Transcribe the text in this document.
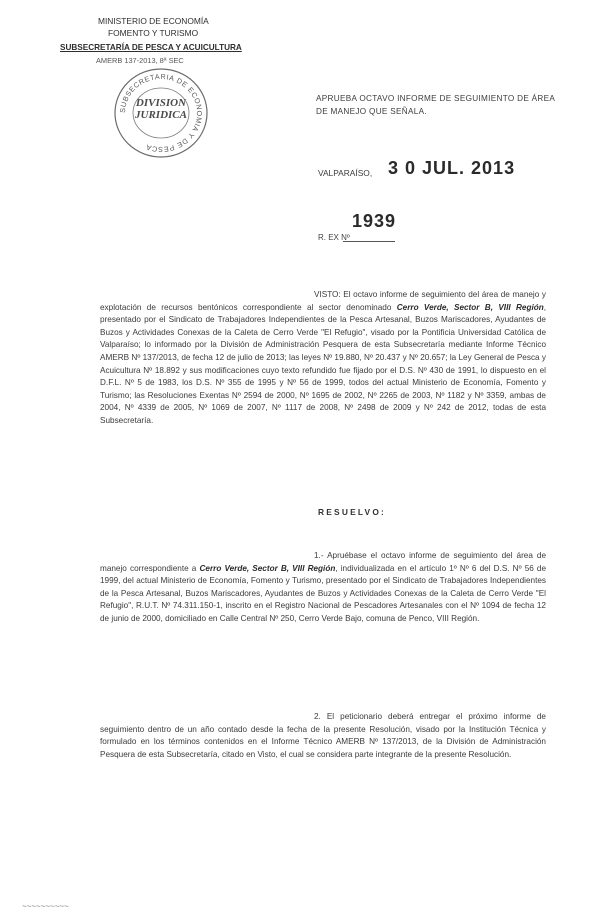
MINISTERIO DE ECONOMÍA
FOMENTO Y TURISMO
SUBSECRETARÍA DE PESCA Y ACUICULTURA
AMERB 137-2013, 8ª SEC
SUBSECRETARIA DE ECONOMIA Y DE PESCA
DIVISION JURIDICA
APRUEBA OCTAVO INFORME DE SEGUIMIENTO DE ÁREA DE MANEJO QUE SEÑALA.
VALPARAÍSO, 3 0 JUL. 2013
1939
R. EX Nº
VISTO: El octavo informe de seguimiento del área de manejo y explotación de recursos bentónicos correspondiente al sector denominado Cerro Verde, Sector B, VIII Región, presentado por el Sindicato de Trabajadores Independientes de la Pesca Artesanal, Buzos Mariscadores, Ayudantes de Buzos y Actividades Conexas de la Caleta de Cerro Verde "El Refugio", visado por la Pontificia Universidad Católica de Valparaíso; lo informado por la División de Administración Pesquera de esta Subsecretaría mediante Informe Técnico AMERB Nº 137/2013, de fecha 12 de julio de 2013; las leyes Nº 19.880, Nº 20.437 y Nº 20.657; la Ley General de Pesca y Acuicultura Nº 18.892 y sus modificaciones cuyo texto refundido fue fijado por el D.S. Nº 430 de 1991, lo dispuesto en el D.F.L. Nº 5 de 1983, los D.S. Nº 355 de 1995 y Nº 56 de 1999, todos del actual Ministerio de Economía, Fomento y Turismo; las Resoluciones Exentas Nº 2594 de 2000, Nº 1695 de 2002, Nº 2265 de 2003, Nº 1182 y Nº 3359, ambas de 2004, Nº 4339 de 2005, Nº 1069 de 2007, Nº 1117 de 2008, Nº 2498 de 2009 y Nº 242 de 2012, todas de esta Subsecretaría.
RESUELVO:
1.- Apruébase el octavo informe de seguimiento del área de manejo correspondiente a Cerro Verde, Sector B, VIII Región, individualizada en el artículo 1º Nº 6 del D.S. Nº 56 de 1999, del actual Ministerio de Economía, Fomento y Turismo, presentado por el Sindicato de Trabajadores Independientes de la Pesca Artesanal, Buzos Mariscadores, Ayudantes de Buzos y Actividades Conexas de la Caleta de Cerro Verde "El Refugio", R.U.T. Nº 74.311.150-1, inscrito en el Registro Nacional de Pescadores Artesanales con el Nº 1094 de fecha 12 de junio de 2000, domiciliado en Calle Central Nº 250, Cerro Verde Bajo, comuna de Penco, VIII Región.
2. El peticionario deberá entregar el próximo informe de seguimiento dentro de un año contado desde la fecha de la presente Resolución, visado por la Institución Técnica y formulado en los términos contenidos en el Informe Técnico AMERB Nº 137/2013, de la División de Administración Pesquera de esta Subsecretaría, citado en Visto, el cual se considera parte integrante de la presente Resolución.
~~~~~~~~~~
